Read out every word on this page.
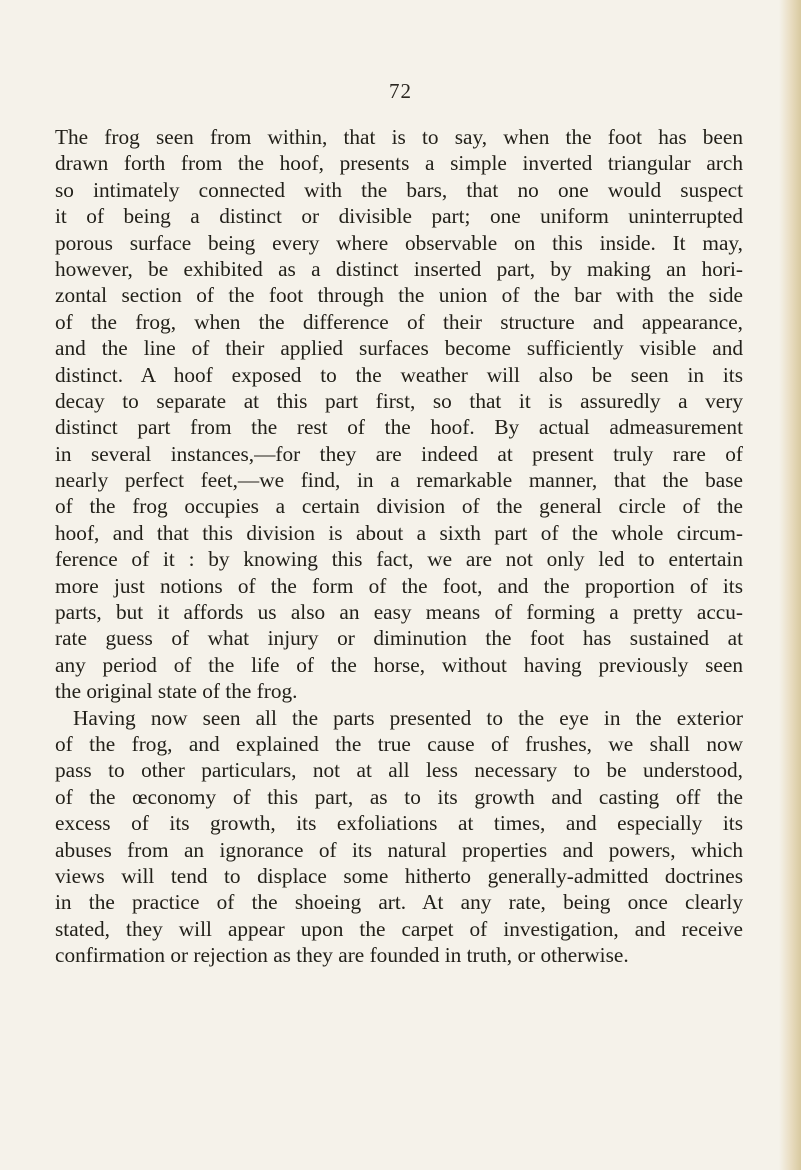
72
The frog seen from within, that is to say, when the foot has been
drawn forth from the hoof, presents a simple inverted triangular arch
so intimately connected with the bars, that no one would suspect
it of being a distinct or divisible part; one uniform uninterrupted
porous surface being every where observable on this inside. It may,
however, be exhibited as a distinct inserted part, by making an hori-
zontal section of the foot through the union of the bar with the side
of the frog, when the difference of their structure and appearance,
and the line of their applied surfaces become sufficiently visible and
distinct. A hoof exposed to the weather will also be seen in its
decay to separate at this part first, so that it is assuredly a very
distinct part from the rest of the hoof. By actual admeasurement
in several instances,—for they are indeed at present truly rare of
nearly perfect feet,—we find, in a remarkable manner, that the base
of the frog occupies a certain division of the general circle of the
hoof, and that this division is about a sixth part of the whole circum-
ference of it : by knowing this fact, we are not only led to entertain
more just notions of the form of the foot, and the proportion of its
parts, but it affords us also an easy means of forming a pretty accu-
rate guess of what injury or diminution the foot has sustained at
any period of the life of the horse, without having previously seen
the original state of the frog.
Having now seen all the parts presented to the eye in the exterior
of the frog, and explained the true cause of frushes, we shall now
pass to other particulars, not at all less necessary to be understood,
of the œconomy of this part, as to its growth and casting off the
excess of its growth, its exfoliations at times, and especially its
abuses from an ignorance of its natural properties and powers, which
views will tend to displace some hitherto generally-admitted doctrines
in the practice of the shoeing art. At any rate, being once clearly
stated, they will appear upon the carpet of investigation, and receive
confirmation or rejection as they are founded in truth, or otherwise.
